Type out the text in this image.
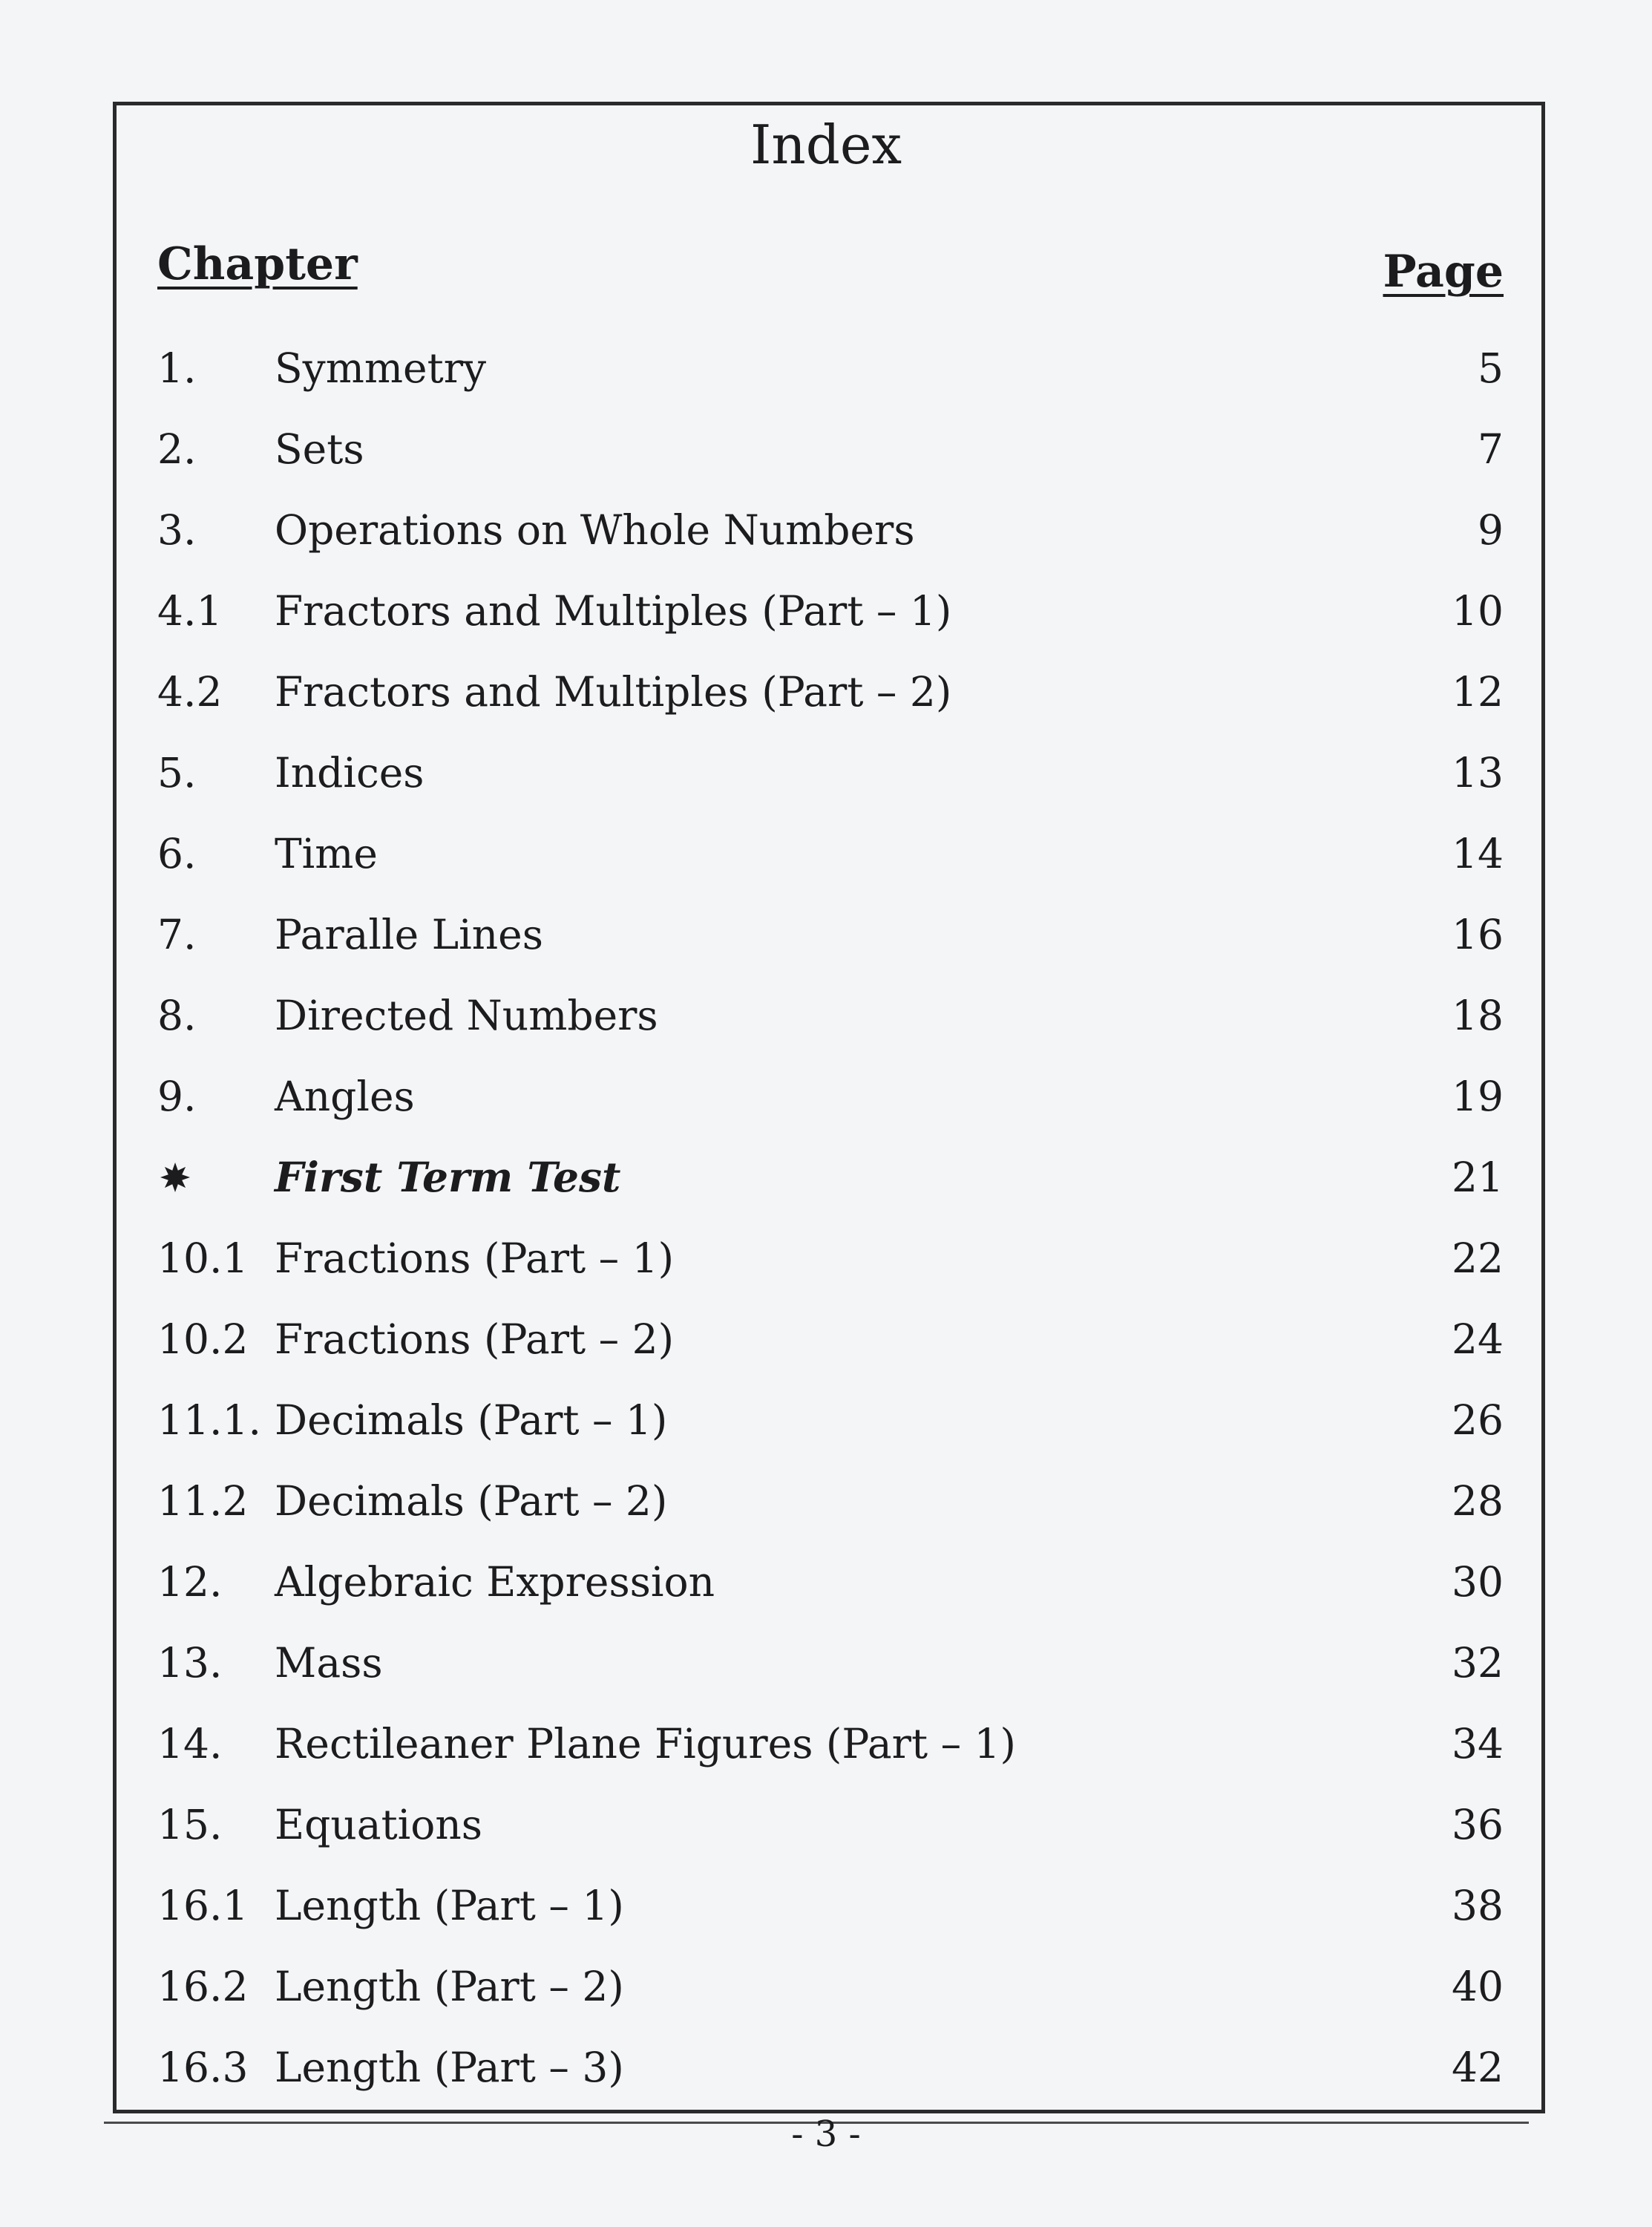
Index
Chapter	Page
1. Symmetry	5
2. Sets	7
3. Operations on Whole Numbers	9
4.1 Fractors and Multiples (Part – 1)	10
4.2 Fractors and Multiples (Part – 2)	12
5. Indices	13
6. Time	14
7. Paralle Lines	16
8. Directed Numbers	18
9. Angles	19
First Term Test	21
10.1 Fractions (Part – 1)	22
10.2 Fractions (Part – 2)	24
11.1. Decimals (Part – 1)	26
11.2 Decimals (Part – 2)	28
12. Algebraic Expression	30
13. Mass	32
14. Rectileaner Plane Figures (Part – 1)	34
15. Equations	36
16.1 Length (Part – 1)	38
16.2 Length (Part – 2)	40
16.3 Length (Part – 3)	42
- 3 -
